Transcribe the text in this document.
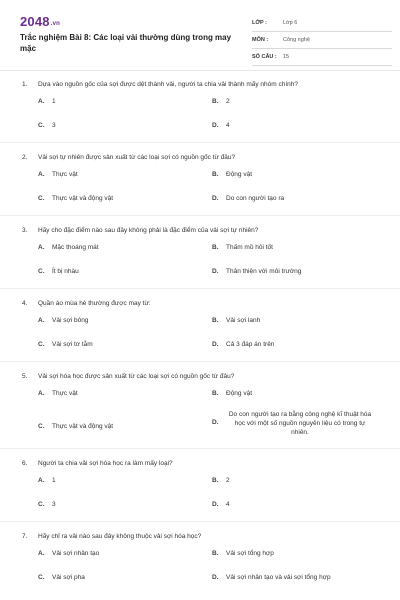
2048.vn
Trắc nghiệm Bài 8: Các loại vải thường dùng trong may mặc
LỚP :	Lớp 6
MÔN :	Công nghệ
SỐ CÂU : 15
1. Dựa vào nguồn gốc của sợi được dệt thành vải, người ta chia vải thành mấy nhóm chính?
A. 1	B. 2
C. 3	D. 4
2. Vải sợi tự nhiên được sản xuất từ các loại sợi có nguồn gốc từ đâu?
A. Thực vật	B. Động vật
C. Thực vật và động vật	D. Do con người tạo ra
3. Hãy cho đặc điểm nào sau đây không phải là đặc điểm của vải sợi tự nhiên?
A. Mặc thoáng mát	B. Thấm mồ hôi tốt
C. Ít bị nhàu	D. Thân thiện với môi trường
4. Quần áo mùa hè thường được may từ:
A. Vải sợi bông	B. Vải sợi lanh
C. Vải sợi tơ tằm	D. Cả 3 đáp án trên
5. Vải sợi hóa học được sản xuất từ các loại sợi có nguồn gốc từ đâu?
A. Thực vật	B. Động vật
C. Thực vật và động vật
D.Do con người tạo ra bằng công nghệ kĩ thuật hóa học với một số nguồn nguyên liệu có trong tự nhiên.
6. Người ta chia vải sợi hóa học ra làm mấy loại?
A. 1	B. 2
C. 3	D. 4
7. Hãy chỉ ra vải nào sau đây không thuộc vải sợi hóa học?
A. Vải sợi nhân tạo	B. Vải sợi tổng hợp
C. Vải sợi pha	D. Vải sợi nhân tạo và vải sợi tổng hợp
